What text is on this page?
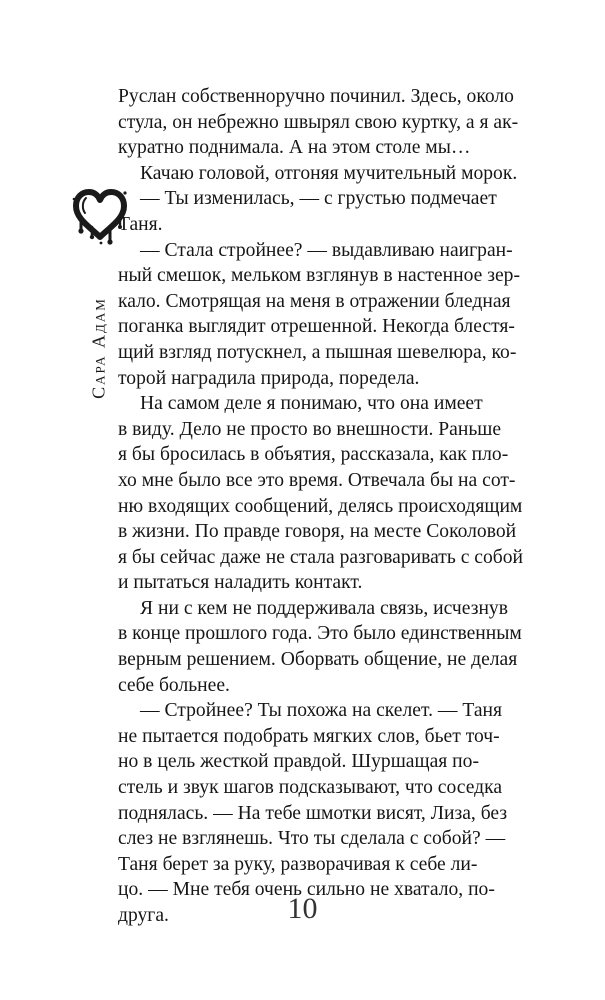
Сара Адам

Руслан собственноручно починил. Здесь, около
стула, он небрежно швырял свою куртку, а я ак-
куратно поднимала. А на этом столе мы…

Качаю головой, отгоняя мучительный морок.

— Ты изменилась, — с грустью подмечает
Таня.

— Стала стройнее? — выдавливаю наигран-
ный смешок, мельком взглянув в настенное зер-
кало. Смотрящая на меня в отражении бледная
поганка выглядит отрешенной. Некогда блестя-
щий взгляд потускнел, а пышная шевелюра, ко-
торой наградила природа, поредела.

На самом деле я понимаю, что она имеет
в виду. Дело не просто во внешности. Раньше
я бы бросилась в объятия, рассказала, как пло-
хо мне было все это время. Отвечала бы на сот-
ню входящих сообщений, делясь происходящим
в жизни. По правде говоря, на месте Соколовой
я бы сейчас даже не стала разговаривать с собой
и пытаться наладить контакт.

Я ни с кем не поддерживала связь, исчезнув
в конце прошлого года. Это было единственным
верным решением. Оборвать общение, не делая
себе больнее.

— Стройнее? Ты похожа на скелет. — Таня
не пытается подобрать мягких слов, бьет точ-
но в цель жесткой правдой. Шуршащая по-
стель и звук шагов подсказывают, что соседка
поднялась. — На тебе шмотки висят, Лиза, без
слез не взглянешь. Что ты сделала с собой? —
Таня берет за руку, разворачивая к себе ли-
цо. — Мне тебя очень сильно не хватало, по-
друга.	10
